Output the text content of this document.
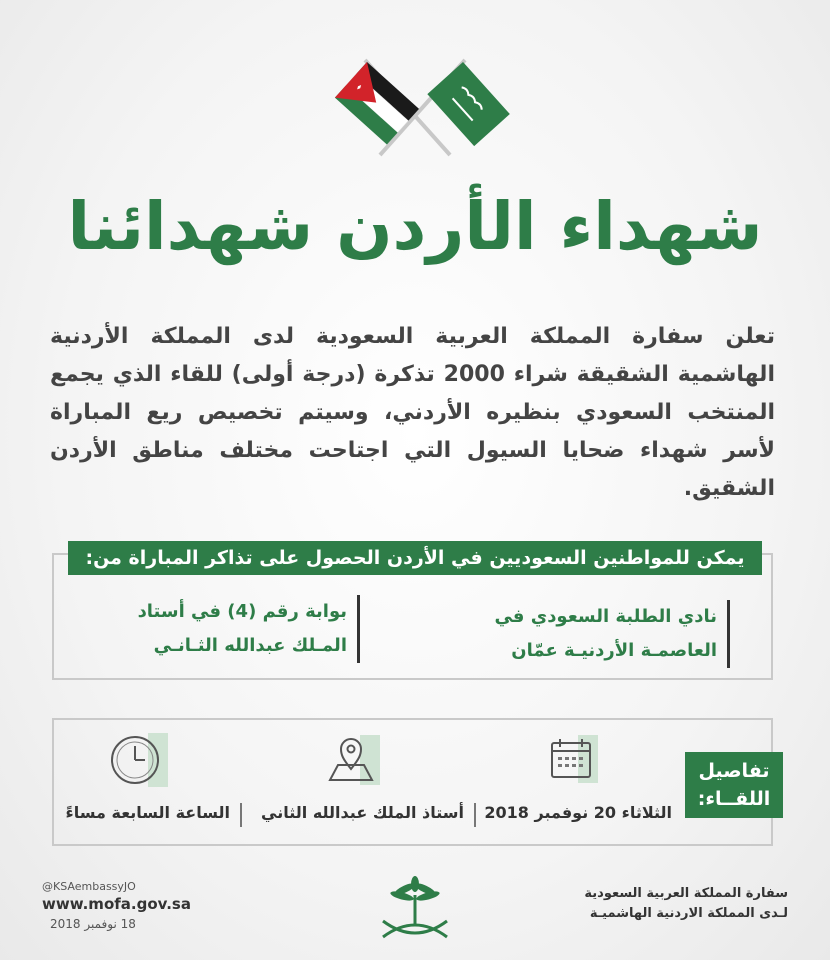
شهداء الأردن شهدائنا
تعلن سفارة المملكة العربية السعودية لدى المملكة الأردنية الهاشمية الشقيقة شراء 2000 تذكرة (درجة أولى) للقاء الذي يجمع المنتخب السعودي بنظيره الأردني، وسيتم تخصيص ريع المباراة لأسر شهداء ضحايا السيول التي اجتاحت مختلف مناطق الأردن الشقيق.
يمكن للمواطنين السعوديين في الأردن الحصول على تذاكر المباراة من:
نادي الطلبة السعودي في
العاصمـة الأردنيـة عمّان
بوابة رقم (4) في أستاد
المـلك عبدالله الثـانـي
تفاصيل
اللقــاء:
الثلاثاء 20 نوفمبر 2018
أستاذ الملك عبدالله الثاني
الساعة السابعة مساءً
@KSAembassyJO
www.mofa.gov.sa
18 نوفمبر 2018
سفارة المملكة العربية السعودية
لـدى المملكة الاردنية الهاشميـة
